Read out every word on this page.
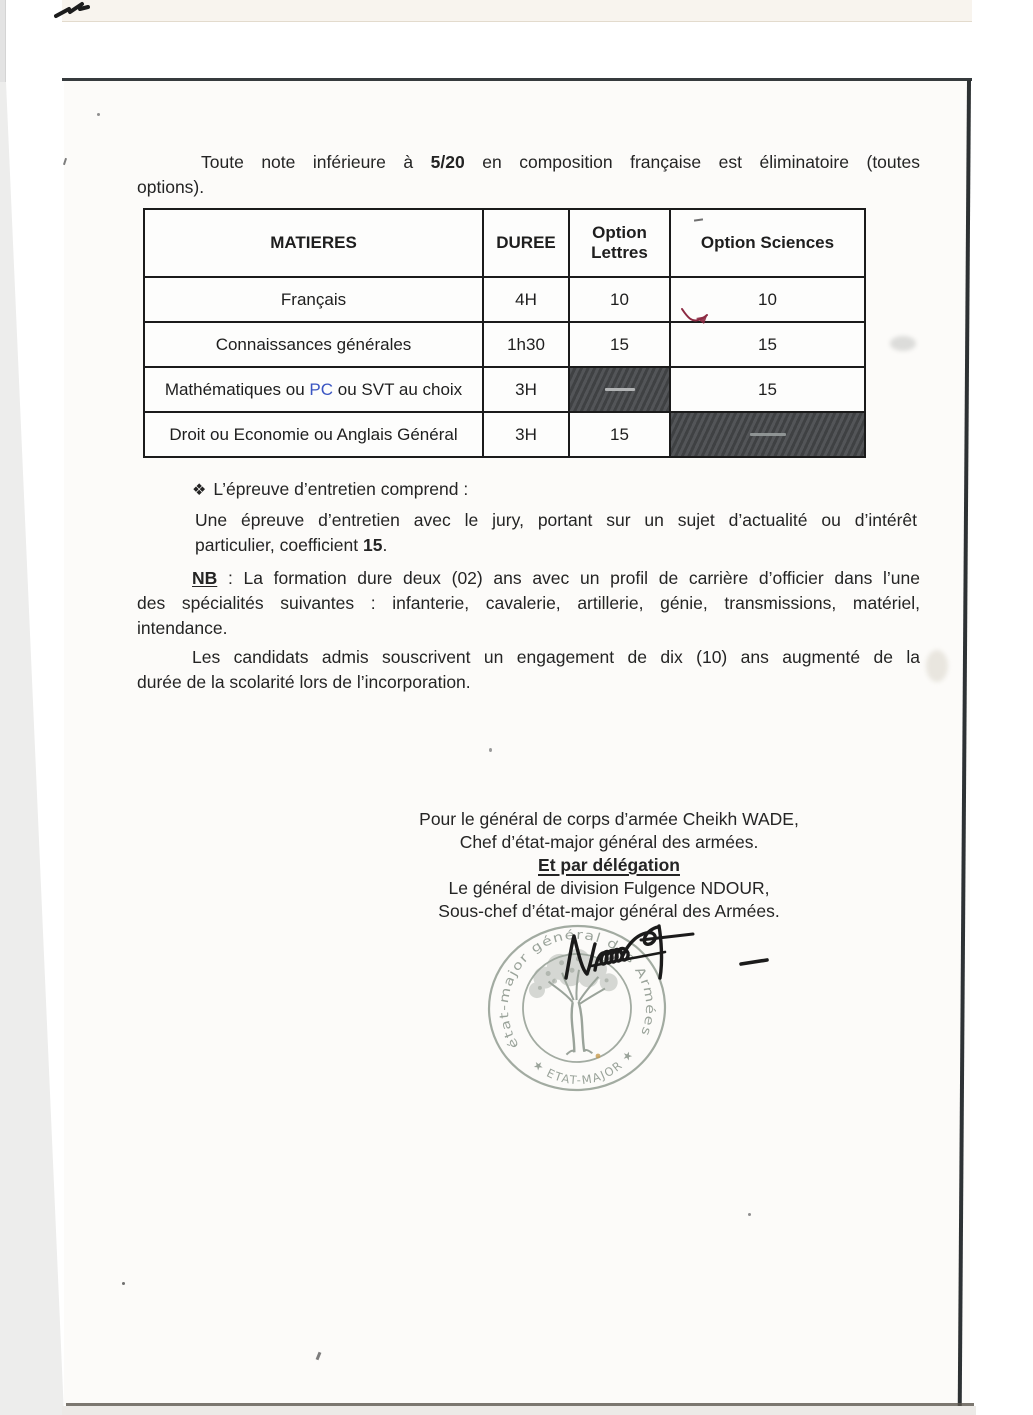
Toute note inférieure à 5/20 en composition française est éliminatoire (toutes
options).
MATIERES	DUREE	Option Lettres	Option Sciences
Français	4H	10	10
Connaissances générales	1h30	15	15
Mathématiques ou PC ou SVT au choix	3H		15
Droit ou Economie ou Anglais Général	3H	15	
❖ L’épreuve d’entretien comprend :
Une épreuve d’entretien avec le jury, portant sur un sujet d’actualité ou d’intérêt
particulier, coefficient 15.
NB : La formation dure deux (02) ans avec un profil de carrière d’officier dans l’une
des spécialités suivantes : infanterie, cavalerie, artillerie, génie, transmissions, matériel,
intendance.
Les candidats admis souscrivent un engagement de dix (10) ans augmenté de la
durée de la scolarité lors de l’incorporation.
Pour le général de corps d’armée Cheikh WADE,
Chef d’état-major général des armées.
Et par délégation
Le général de division Fulgence NDOUR,
Sous-chef d’état-major général des Armées.
état-major général des Armées
★ ETAT-MAJOR ★
